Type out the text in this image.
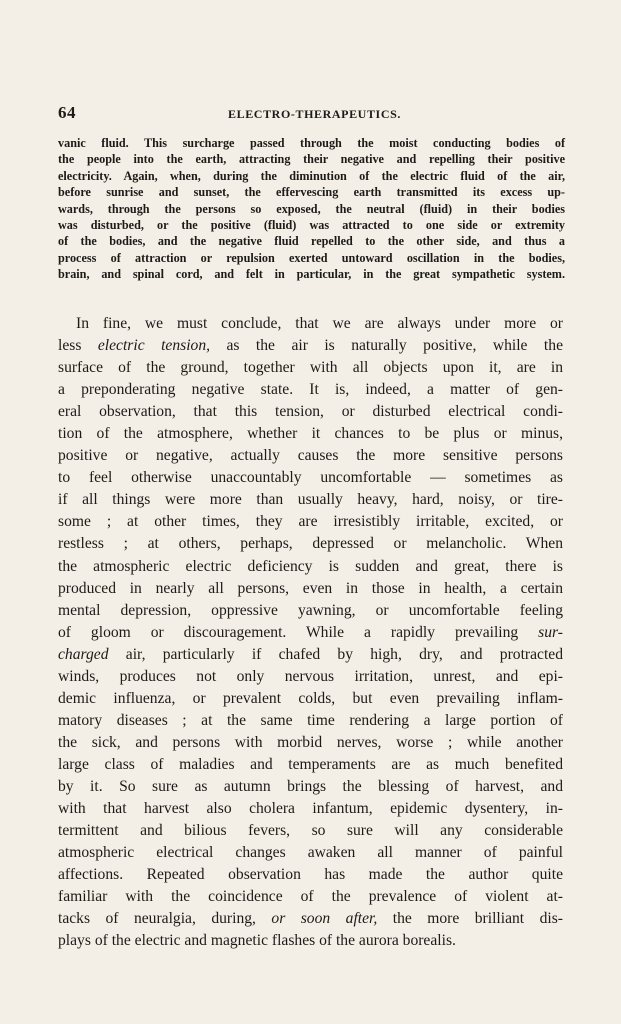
64	ELECTRO-THERAPEUTICS.
vanic fluid. This surcharge passed through the moist conducting bodies of
the people into the earth, attracting their negative and repelling their positive
electricity. Again, when, during the diminution of the electric fluid of the air,
before sunrise and sunset, the effervescing earth transmitted its excess up-
wards, through the persons so exposed, the neutral (fluid) in their bodies
was disturbed, or the positive (fluid) was attracted to one side or extremity
of the bodies, and the negative fluid repelled to the other side, and thus a
process of attraction or repulsion exerted untoward oscillation in the bodies,
brain, and spinal cord, and felt in particular, in the great sympathetic system.
In fine, we must conclude, that we are always under more or
less electric tension, as the air is naturally positive, while the
surface of the ground, together with all objects upon it, are in
a preponderating negative state. It is, indeed, a matter of gen-
eral observation, that this tension, or disturbed electrical condi-
tion of the atmosphere, whether it chances to be plus or minus,
positive or negative, actually causes the more sensitive persons
to feel otherwise unaccountably uncomfortable — sometimes as
if all things were more than usually heavy, hard, noisy, or tire-
some ; at other times, they are irresistibly irritable, excited, or
restless ; at others, perhaps, depressed or melancholic. When
the atmospheric electric deficiency is sudden and great, there is
produced in nearly all persons, even in those in health, a certain
mental depression, oppressive yawning, or uncomfortable feeling
of gloom or discouragement. While a rapidly prevailing sur-
charged air, particularly if chafed by high, dry, and protracted
winds, produces not only nervous irritation, unrest, and epi-
demic influenza, or prevalent colds, but even prevailing inflam-
matory diseases ; at the same time rendering a large portion of
the sick, and persons with morbid nerves, worse ; while another
large class of maladies and temperaments are as much benefited
by it. So sure as autumn brings the blessing of harvest, and
with that harvest also cholera infantum, epidemic dysentery, in-
termittent and bilious fevers, so sure will any considerable
atmospheric electrical changes awaken all manner of painful
affections. Repeated observation has made the author quite
familiar with the coincidence of the prevalence of violent at-
tacks of neuralgia, during, or soon after, the more brilliant dis-
plays of the electric and magnetic flashes of the aurora borealis.
